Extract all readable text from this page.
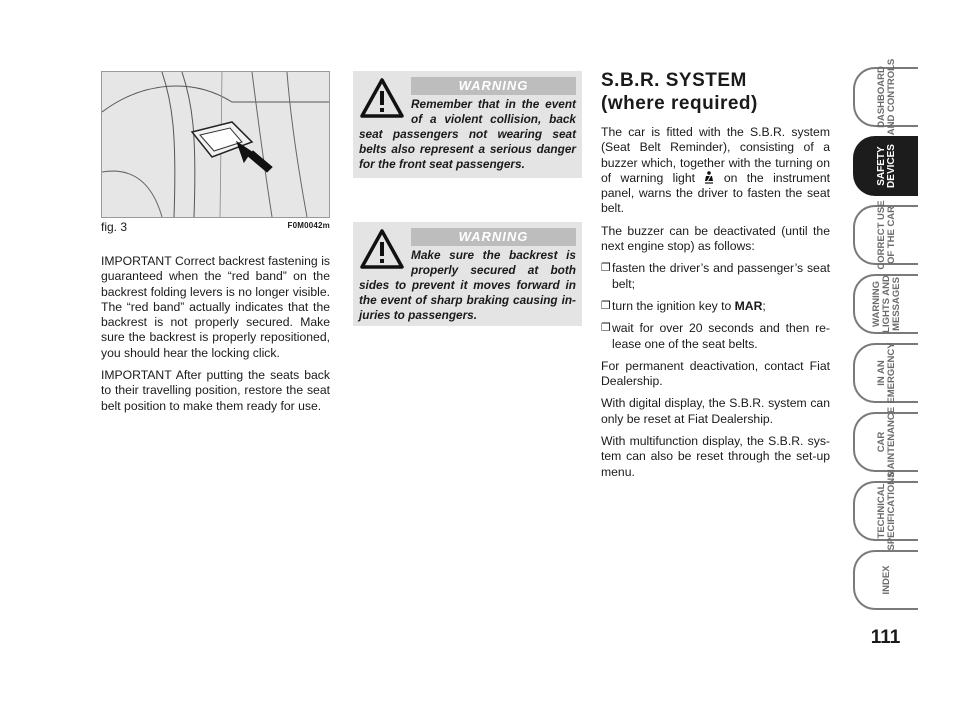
fig. 3	F0M0042m

IMPORTANT Correct backrest fastening is guaranteed when the “red band” on the backrest folding levers is no longer visible. The “red band” actually indicates that the backrest is not properly secured. Make sure the backrest is properly repositioned, you should hear the locking click.

IMPORTANT After putting the seats back to their travelling position, restore the seat belt position to make them ready for use.

WARNING
Remember that in the event of a violent collision, back seat passengers not wearing seat belts also represent a serious danger for the front seat passengers.
WARNING
Make sure the backrest is properly secured at both sides to prevent it moves forward in the event of sharp braking causing in-juries to passengers.
S.B.R. SYSTEM
(where required)

The car is fitted with the S.B.R. system (Seat Belt Reminder), consisting of a buzzer which, together with the turning on of warning light on the instrument panel, warns the driver to fasten the seat belt.

The buzzer can be deactivated (until the next engine stop) as follows:

❐ fasten the driver’s and passenger’s seat belt;
❐ turn the ignition key to MAR;
❐ wait for over 20 seconds and then re-lease one of the seat belts.

For permanent deactivation, contact Fiat Dealership.

With digital display, the S.B.R. system can only be reset at Fiat Dealership.

With multifunction display, the S.B.R. sys-tem can also be reset through the set-up menu.

DASHBOARD
AND CONTROLS
SAFETY
DEVICES
CORRECT USE
OF THE CAR
WARNING
LIGHTS AND
MESSAGES
IN AN
EMERGENCY
CAR
MAINTENANCE
TECHNICAL
SPECIFICATIONS
INDEX
111
